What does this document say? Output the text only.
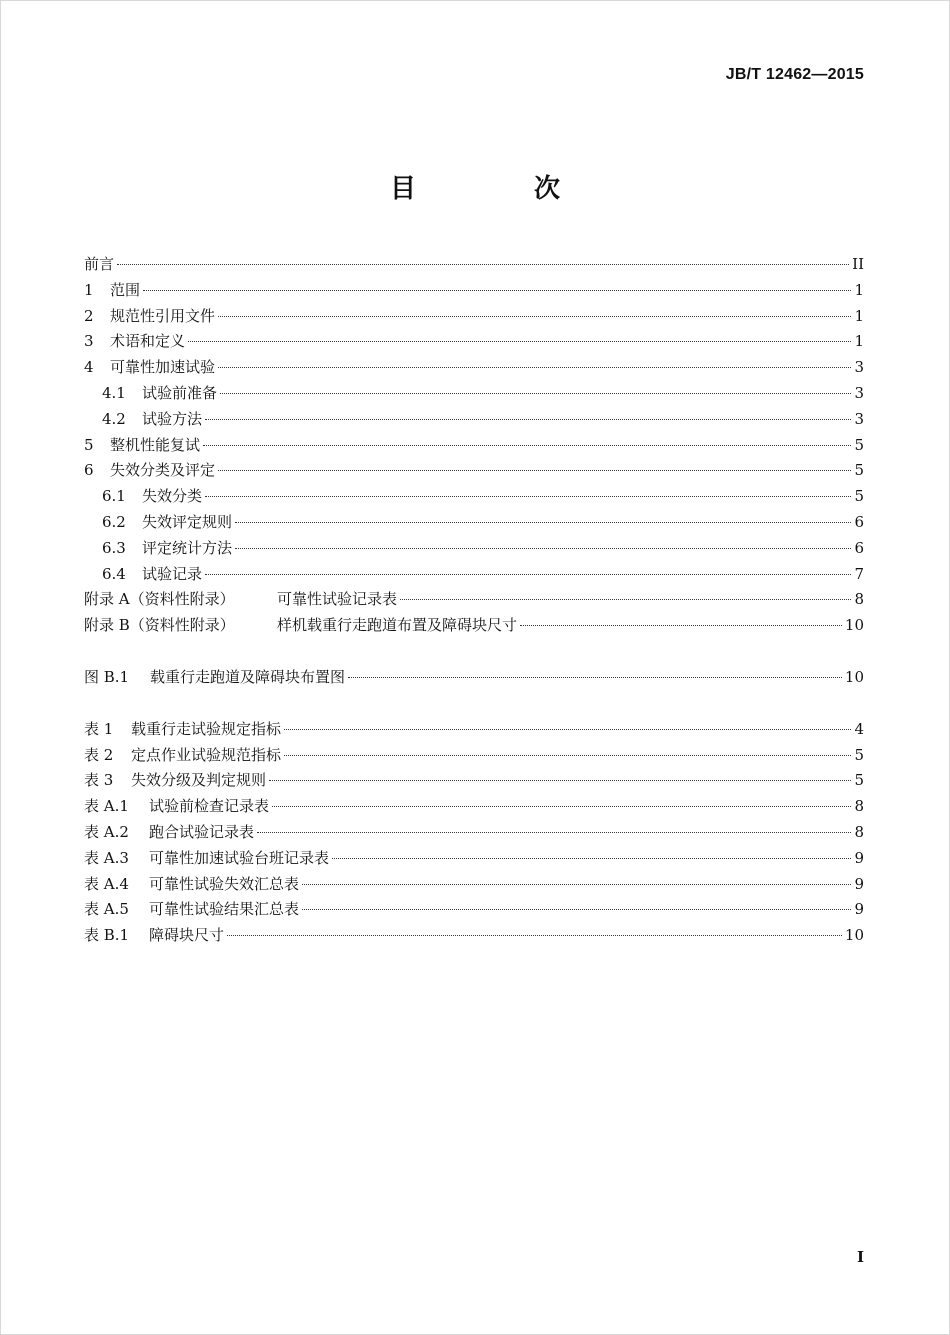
JB/T 12462—2015
目　次
前言	II
1	范围	1
2	规范性引用文件	1
3	术语和定义	1
4	可靠性加速试验	3
4.1	试验前准备	3
4.2	试验方法	3
5	整机性能复试	5
6	失效分类及评定	5
6.1	失效分类	5
6.2	失效评定规则	6
6.3	评定统计方法	6
6.4	试验记录	7
附录 A（资料性附录）	可靠性试验记录表	8
附录 B（资料性附录）	样机载重行走跑道布置及障碍块尺寸	10
图 B.1	载重行走跑道及障碍块布置图	10
表 1	载重行走试验规定指标	4
表 2	定点作业试验规范指标	5
表 3	失效分级及判定规则	5
表 A.1	试验前检查记录表	8
表 A.2	跑合试验记录表	8
表 A.3	可靠性加速试验台班记录表	9
表 A.4	可靠性试验失效汇总表	9
表 A.5	可靠性试验结果汇总表	9
表 B.1	障碍块尺寸	10
I
